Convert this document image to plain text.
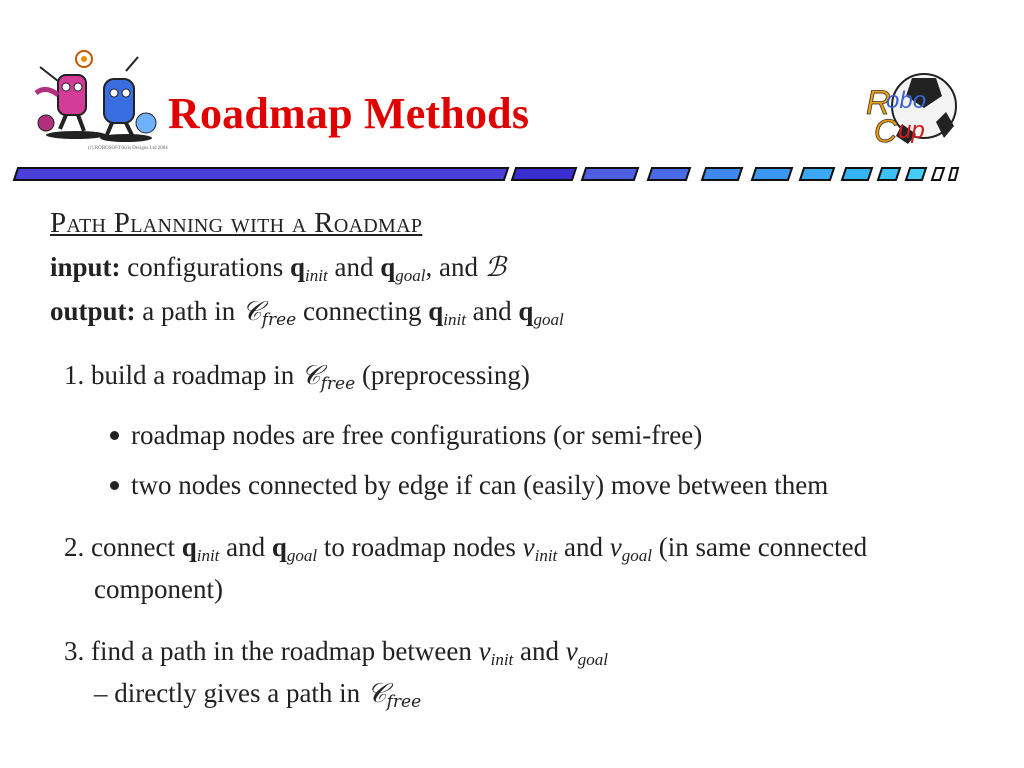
(c) ROBOSOFT/Kris Designs Ltd 2004
Roadmap Methods	R
obo
C up
Path Planning with a Roadmap
input: configurations $q_{init}$ and $q_{goal}$, and ℬ
output: a path in 𝒞$_{free}$ connecting $q_{init}$ and $q_{goal}$
1. build a roadmap in 𝒞$_{free}$ (preprocessing)
roadmap nodes are free configurations (or semi-free)
two nodes connected by edge if can (easily) move between them
2. connect $q_{init}$ and $q_{goal}$ to roadmap nodes $v_{init}$ and $v_{goal}$ (in same connected
component)
3. find a path in the roadmap between $v_{init}$ and $v_{goal}$
– directly gives a path in 𝒞$_{free}$
